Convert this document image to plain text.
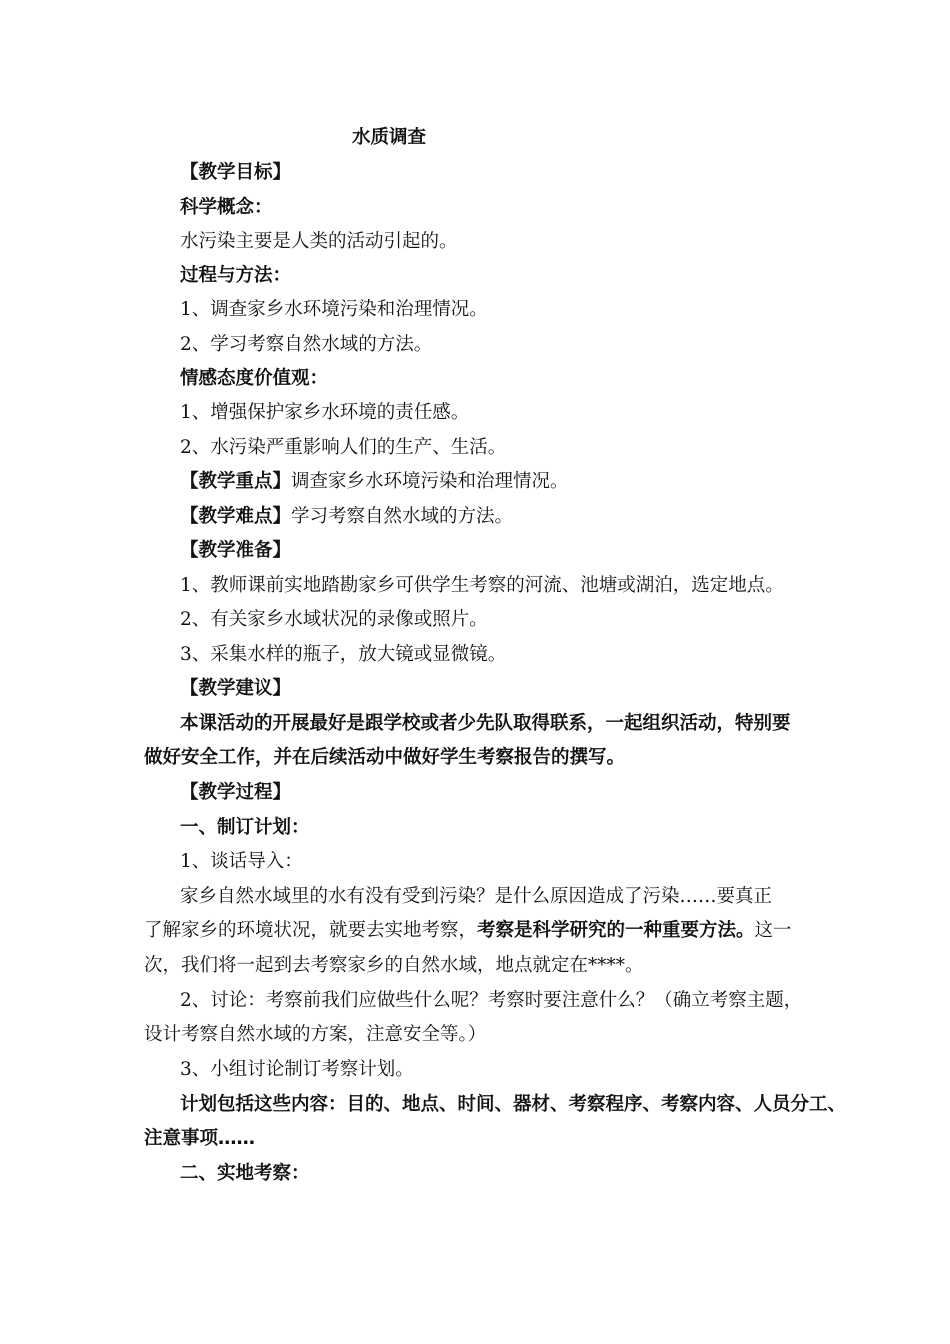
水质调查
【教学目标】
科学概念：
水污染主要是人类的活动引起的。
过程与方法：
1、调查家乡水环境污染和治理情况。
2、学习考察自然水域的方法。
情感态度价值观：
1、增强保护家乡水环境的责任感。
2、水污染严重影响人们的生产、生活。
【教学重点】调查家乡水环境污染和治理情况。
【教学难点】学习考察自然水域的方法。
【教学准备】
1、教师课前实地踏勘家乡可供学生考察的河流、池塘或湖泊，选定地点。
2、有关家乡水域状况的录像或照片。
3、采集水样的瓶子，放大镜或显微镜。
【教学建议】
本课活动的开展最好是跟学校或者少先队取得联系，一起组织活动，特别要
做好安全工作，并在后续活动中做好学生考察报告的撰写。
【教学过程】
一、制订计划：
1、谈话导入：
家乡自然水域里的水有没有受到污染？是什么原因造成了污染……要真正
了解家乡的环境状况，就要去实地考察，考察是科学研究的一种重要方法。这一
次，我们将一起到去考察家乡的自然水域，地点就定在****。
2、讨论：考察前我们应做些什么呢？考察时要注意什么？（确立考察主题，
设计考察自然水域的方案，注意安全等。）
3、小组讨论制订考察计划。
计划包括这些内容：目的、地点、时间、器材、考察程序、考察内容、人员分工、
注意事项……
二、实地考察：
